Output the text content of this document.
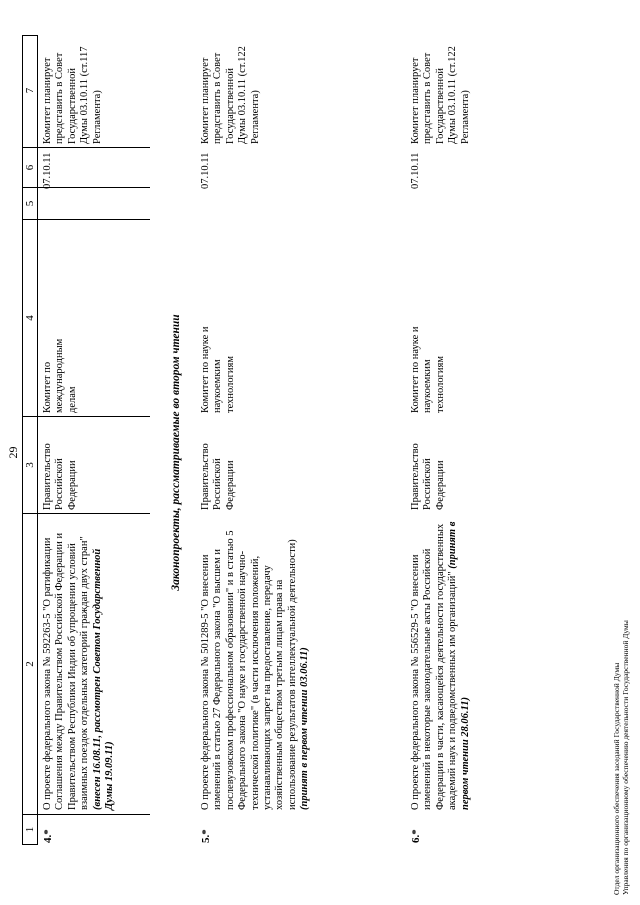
29
1
2
3
4
5
6
7
4.*
О проекте федерального закона № 592263-5 "О ратификации Соглашения между Правительством Российской Федерации и Правительством Республики Индии об упрощении условий взаимных поездок отдельных категорий граждан двух стран" (внесен 16.08.11, рассмотрен Советом Государственной Думы 19.09.11)
Правительство Российской Федерации
Комитет по международным делам
07.10.11
Комитет планирует представить в Совет Государственной Думы 03.10.11 (ст.117 Регламента)
Законопроекты, рассматриваемые во втором чтении
5.*
О проекте федерального закона № 501289-5 "О внесении изменений в статью 27 Федерального закона "О высшем и послевузовском профессиональном образовании" и в статью 5 Федерального закона "О науке и государственной научно-технической политике" (в части исключения положений, устанавливающих запрет на предоставление, передачу хозяйственным обществом третьим лицам права на использование результатов интеллектуальной деятельности) (принят в первом чтении 03.06.11)
Правительство Российской Федерации
Комитет по науке и наукоемким технологиям
07.10.11
Комитет планирует представить в Совет Государственной Думы 03.10.11 (ст.122 Регламента)
6.*
О проекте федерального закона № 556529-5 "О внесении изменений в некоторые законодательные акты Российской Федерации в части, касающейся деятельности государственных академий наук и подведомственных им организаций" (принят в первом чтении 28.06.11)
Правительство Российской Федерации
Комитет по науке и наукоемким технологиям
07.10.11
Комитет планирует представить в Совет Государственной Думы 03.10.11 (ст.122 Регламента)
Отдел организационного обеспечения заседаний Государственной Думы Управления по организационному обеспечению деятельности Государственной Думы
